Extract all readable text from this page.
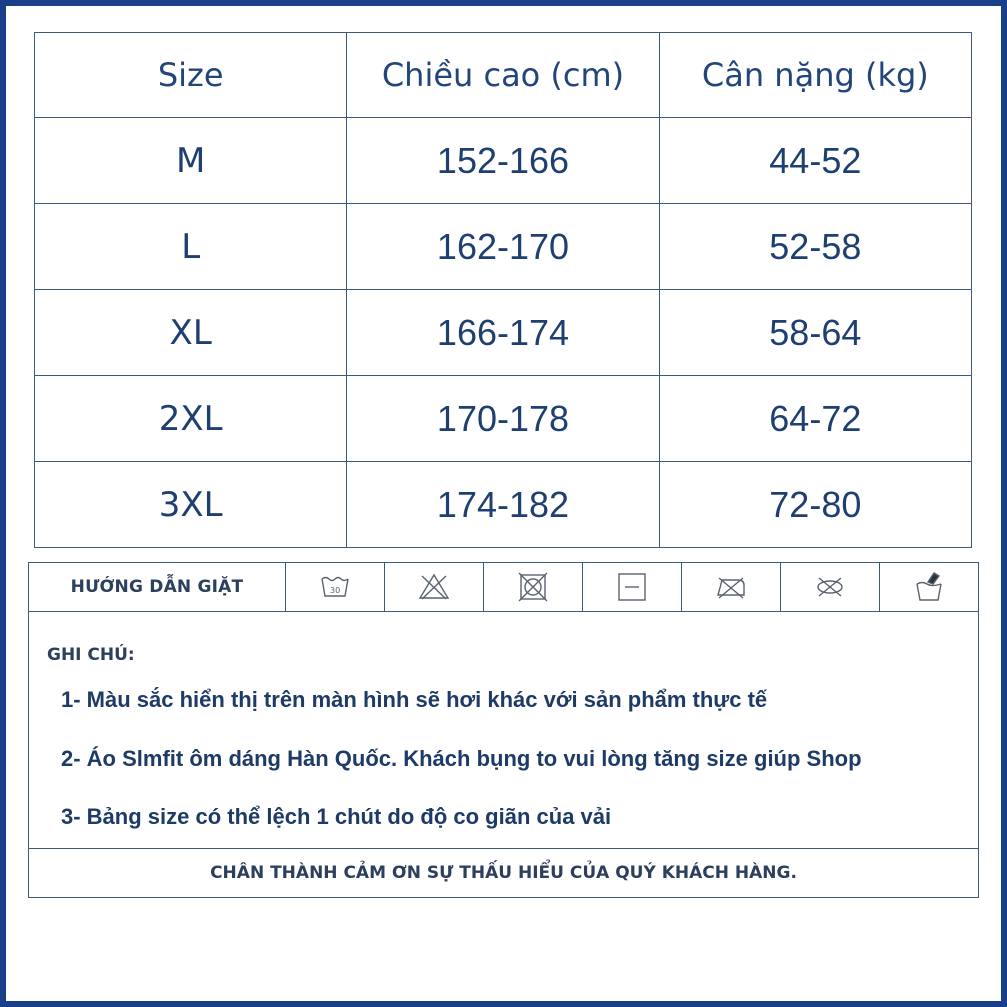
Size	Chiều cao (cm)	Cân nặng (kg)
M	152-166	44-52
L	162-170	52-58
XL	166-174	58-64
2XL	170-178	64-72
3XL	174-182	72-80
HƯỚNG DẪN GIẶT	30
GHI CHÚ:
1- Màu sắc hiển thị trên màn hình sẽ hơi khác với sản phẩm thực tế
2- Áo Slmfit ôm dáng Hàn Quốc. Khách bụng to vui lòng tăng size giúp Shop
3- Bảng size có thể lệch 1 chút do độ co giãn của vải
CHÂN THÀNH CẢM ƠN SỰ THẤU HIỂU CỦA QUÝ KHÁCH HÀNG.
